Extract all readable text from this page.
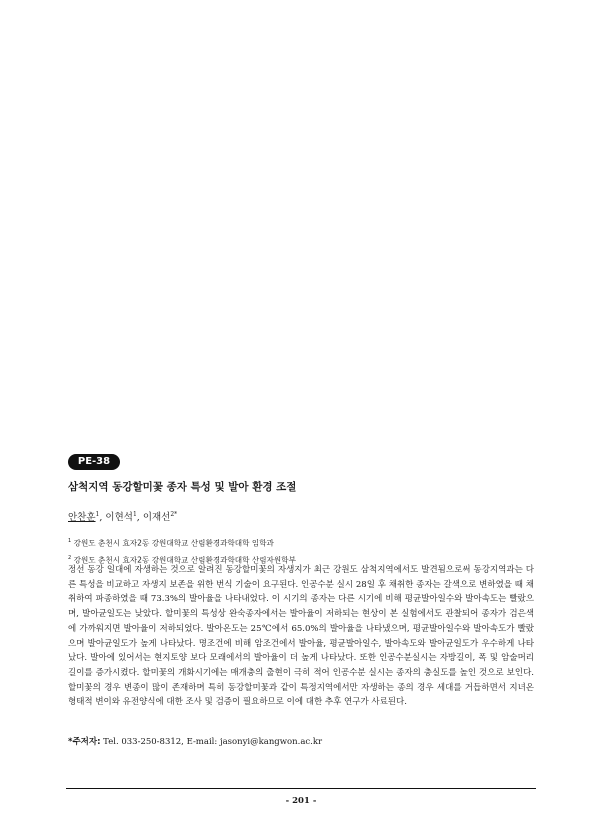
PE-38
삼척지역 동강할미꽃 종자 특성 및 발아 환경 조절
안찬훈$^1$, 이현석$^1$, 이재선$^{2*}$
$^1$ 강원도 춘천시 효자2동 강원대학교 산림환경과학대학 임학과
$^2$ 강원도 춘천시 효자2동 강원대학교 산림환경과학대학 산림자원학부

정선 동강 일대에 자생하는 것으로 알려진 동강할미꽃의 자생지가 최근 강원도 삼척지역에서도 발견됨으로써 동강지역과는 다른 특성을 비교하고 자생지 보존을 위한 번식 기술이 요구된다. 인공수분 실시 28일 후 채취한 종자는 갈색으로 변하였을 때 채취하여 파종하였을 때 73.3%의 발아율을 나타내었다. 이 시기의 종자는 다른 시기에 비해 평균발아일수와 발아속도는 빨랐으며, 발아균일도는 낮았다. 할미꽃의 특성상 완숙종자에서는 발아율이 저하되는 현상이 본 실험에서도 관찰되어 종자가 검은색에 가까워지면 발아율이 저하되었다. 발아온도는 25℃에서 65.0%의 발아율을 나타냈으며, 평균발아일수와 발아속도가 빨랐으며 발아균일도가 높게 나타났다. 명조건에 비해 암조건에서 발아율, 평균발아일수, 발아속도와 발아균일도가 우수하게 나타났다. 발아에 있어서는 현지토양 보다 모래에서의 발아율이 더 높게 나타났다. 또한 인공수분실시는 자방길이, 폭 및 암술머리 길이를 증가시켰다. 할미꽃의 개화시기에는 매개충의 출현이 극히 적어 인공수분 실시는 종자의 충실도를 높인 것으로 보인다. 할미꽃의 경우 변종이 많이 존재하며 특히 동강할미꽃과 같이 특정지역에서만 자생하는 종의 경우 세대를 거듭하면서 지녀온 형태적 변이와 유전양식에 대한 조사 및 검증이 필요하므로 이에 대한 추후 연구가 사료된다.

*주저자: Tel. 033-250-8312, E-mail: jasonyi@kangwon.ac.kr
- 201 -
